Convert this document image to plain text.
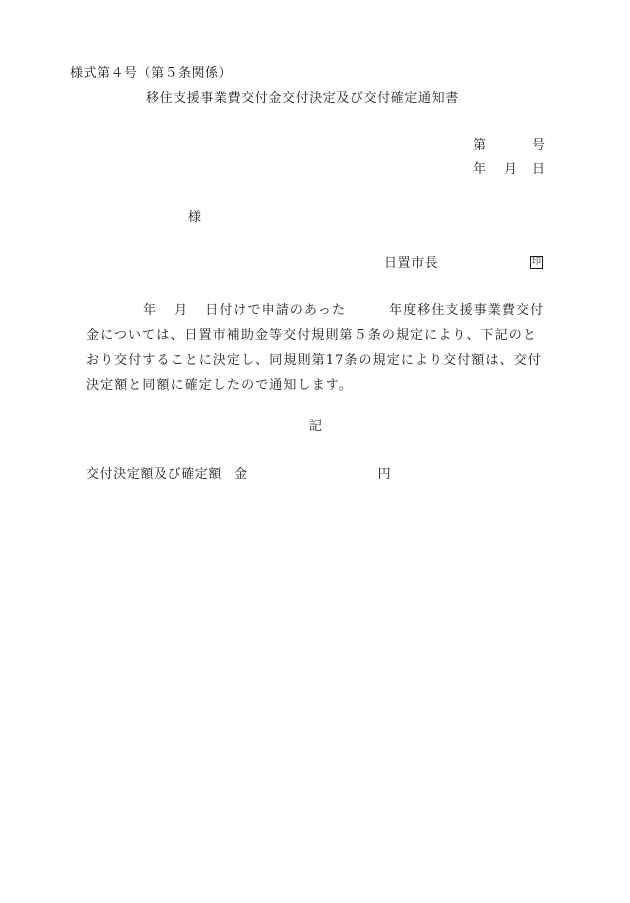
様式第４号（第５条関係）
移住支援事業費交付金交付決定及び交付確定通知書
第	号
年 月 日
様
日置市長	印
年 月 日付けで申請のあった	年度移住支援事業費交付
金については、日置市補助金等交付規則第５条の規定により、下記のと
おり交付することに決定し、同規則第17条の規定により交付額は、交付
決定額と同額に確定したので通知します。
記
交付決定額及び確定額 金	円
